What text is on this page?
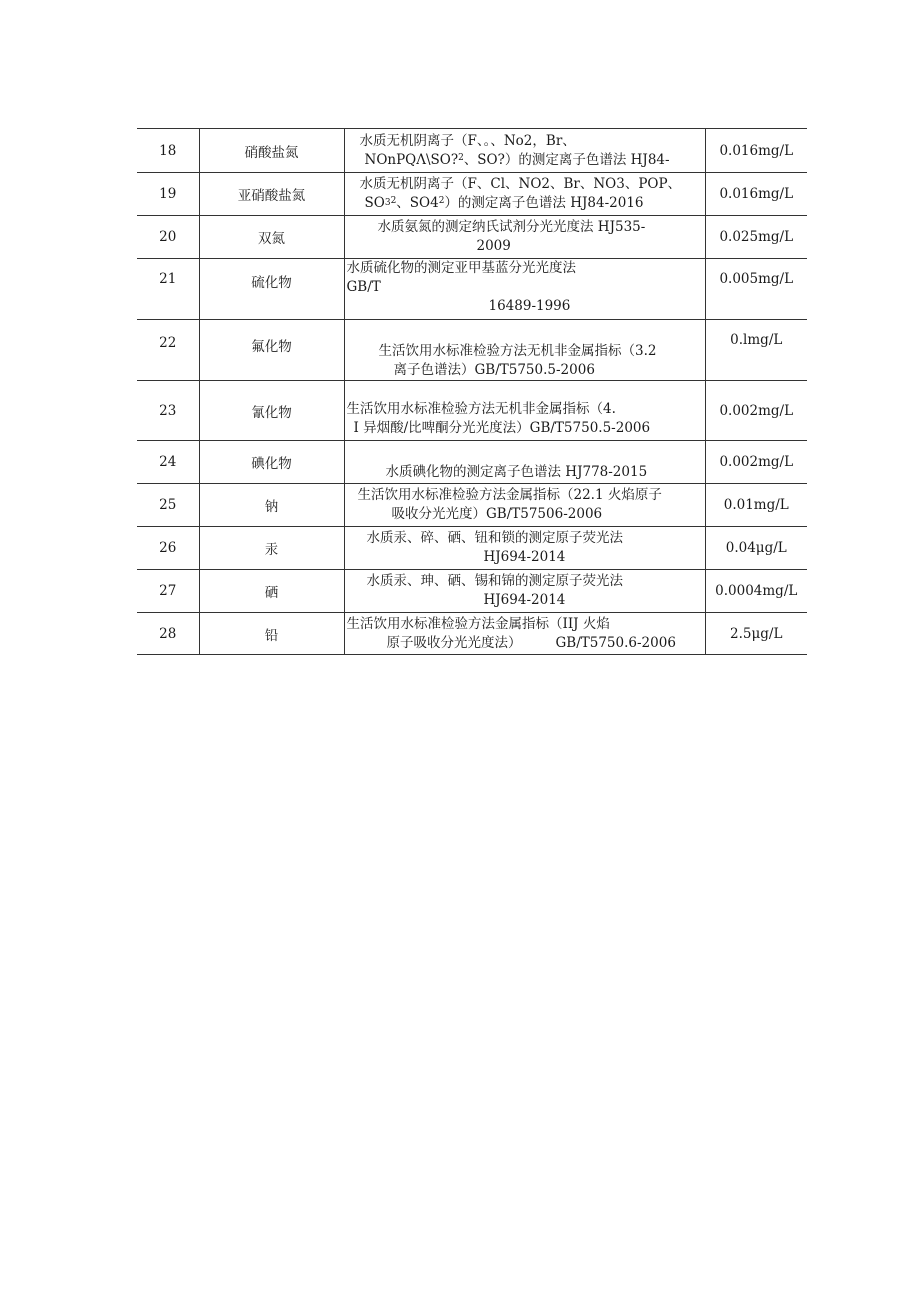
18	硝酸盐氮	水质无机阴离子（F、。、No2，Br、
NOnPQΛ\SO?$^2$、SO?）的测定离子色谱法 HJ84-	0.016mg/L
19	亚硝酸盐氮	水质无机阴离子（F、Cl、NO2、Br、NO3、POP、
$SO3^2$、$SO4^2$）的测定离子色谱法 HJ84-2016	0.016mg/L
20	双氮	水质氨氮的测定纳氏试剂分光光度法 HJ535-
2009	0.025mg/L
21	硫化物	水质硫化物的测定亚甲基蓝分光光度法
GB/T
16489-1996	0.005mg/L
22	氟化物	生活饮用水标准检验方法无机非金属指标（3.2
离子色谱法）GB/T5750.5-2006	0.lmg/L
23	氰化物	生活饮用水标准检验方法无机非金属指标（4.
I 异烟酸/比啤酮分光光度法）GB/T5750.5-2006	0.002mg/L
24	碘化物	水质碘化物的测定离子色谱法 HJ778-2015	0.002mg/L
25	钠	生活饮用水标准检验方法金属指标（22.1 火焰原子
吸收分光光度）GB/T57506-2006	0.01mg/L
26	汞	水质汞、碎、硒、钮和锁的测定原子荧光法
HJ694-2014	0.04μg/L
27	硒	水质汞、珅、硒、锡和锦的测定原子荧光法
HJ694-2014	0.0004mg/L
28	铅	生活饮用水标准检验方法金属指标（IIJ 火焰
原子吸收分光光度法） GB/T5750.6-2006	2.5μg/L
